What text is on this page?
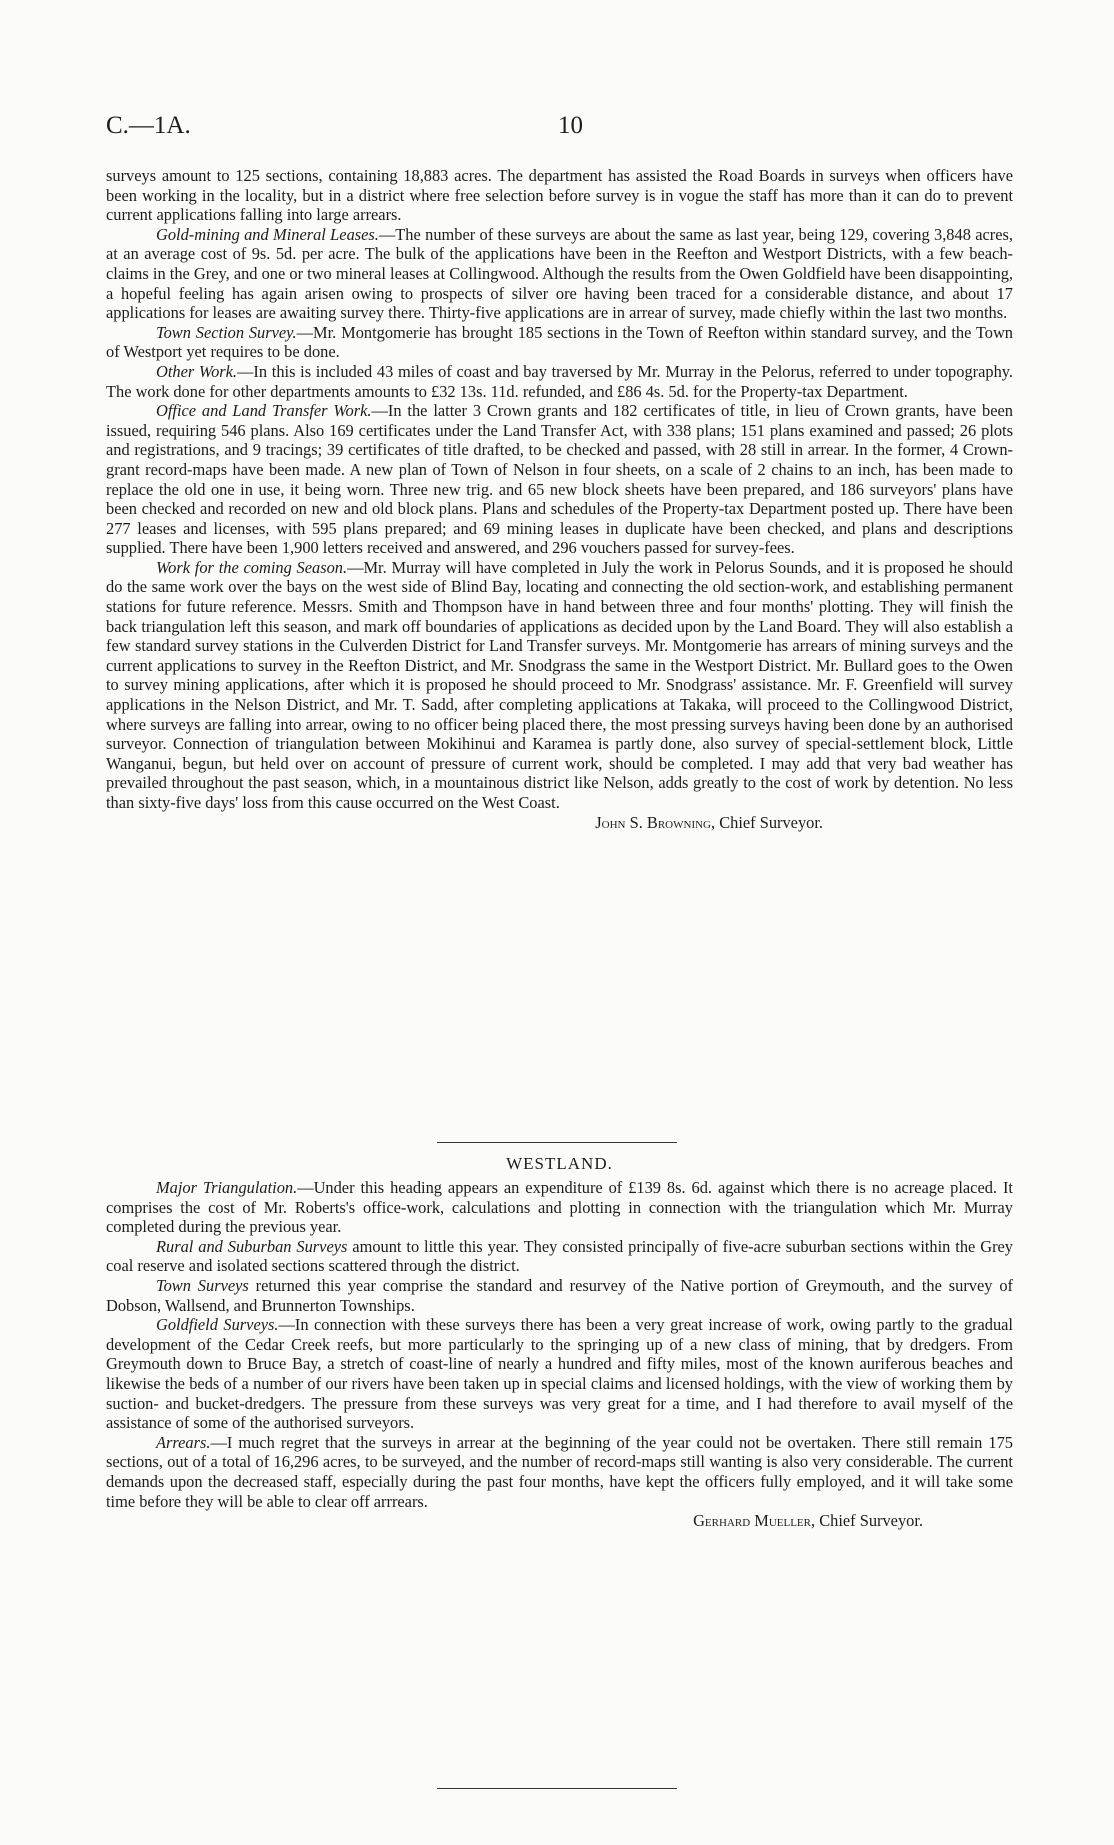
C.—1A.	10

surveys amount to 125 sections, containing 18,883 acres. The department has assisted the Road Boards in surveys when officers have been working in the locality, but in a district where free selection before survey is in vogue the staff has more than it can do to prevent current applications falling into large arrears.

Gold-mining and Mineral Leases.—The number of these surveys are about the same as last year, being 129, covering 3,848 acres, at an average cost of 9s. 5d. per acre. The bulk of the applications have been in the Reefton and Westport Districts, with a few beach-claims in the Grey, and one or two mineral leases at Collingwood. Although the results from the Owen Goldfield have been disappointing, a hopeful feeling has again arisen owing to prospects of silver ore having been traced for a considerable distance, and about 17 applications for leases are awaiting survey there. Thirty-five applications are in arrear of survey, made chiefly within the last two months.

Town Section Survey.—Mr. Montgomerie has brought 185 sections in the Town of Reefton within standard survey, and the Town of Westport yet requires to be done.

Other Work.—In this is included 43 miles of coast and bay traversed by Mr. Murray in the Pelorus, referred to under topography. The work done for other departments amounts to £32 13s. 11d. refunded, and £86 4s. 5d. for the Property-tax Department.

Office and Land Transfer Work.—In the latter 3 Crown grants and 182 certificates of title, in lieu of Crown grants, have been issued, requiring 546 plans. Also 169 certificates under the Land Transfer Act, with 338 plans; 151 plans examined and passed; 26 plots and registrations, and 9 tracings; 39 certificates of title drafted, to be checked and passed, with 28 still in arrear. In the former, 4 Crown-grant record-maps have been made. A new plan of Town of Nelson in four sheets, on a scale of 2 chains to an inch, has been made to replace the old one in use, it being worn. Three new trig. and 65 new block sheets have been prepared, and 186 surveyors' plans have been checked and recorded on new and old block plans. Plans and schedules of the Property-tax Department posted up. There have been 277 leases and licenses, with 595 plans prepared; and 69 mining leases in duplicate have been checked, and plans and descriptions supplied. There have been 1,900 letters received and answered, and 296 vouchers passed for survey-fees.

Work for the coming Season.—Mr. Murray will have completed in July the work in Pelorus Sounds, and it is proposed he should do the same work over the bays on the west side of Blind Bay, locating and connecting the old section-work, and establishing permanent stations for future reference. Messrs. Smith and Thompson have in hand between three and four months' plotting. They will finish the back triangulation left this season, and mark off boundaries of applications as decided upon by the Land Board. They will also establish a few standard survey stations in the Culverden District for Land Transfer surveys. Mr. Montgomerie has arrears of mining surveys and the current applications to survey in the Reefton District, and Mr. Snodgrass the same in the Westport District. Mr. Bullard goes to the Owen to survey mining applications, after which it is proposed he should proceed to Mr. Snodgrass' assistance. Mr. F. Greenfield will survey applications in the Nelson District, and Mr. T. Sadd, after completing applications at Takaka, will proceed to the Collingwood District, where surveys are falling into arrear, owing to no officer being placed there, the most pressing surveys having been done by an authorised surveyor. Connection of triangulation between Mokihinui and Karamea is partly done, also survey of special-settlement block, Little Wanganui, begun, but held over on account of pressure of current work, should be completed. I may add that very bad weather has prevailed throughout the past season, which, in a mountainous district like Nelson, adds greatly to the cost of work by detention. No less than sixty-five days' loss from this cause occurred on the West Coast.

John S. Browning, Chief Surveyor.
WESTLAND.

Major Triangulation.—Under this heading appears an expenditure of £139 8s. 6d. against which there is no acreage placed. It comprises the cost of Mr. Roberts's office-work, calculations and plotting in connection with the triangulation which Mr. Murray completed during the previous year.

Rural and Suburban Surveys amount to little this year. They consisted principally of five-acre suburban sections within the Grey coal reserve and isolated sections scattered through the district.

Town Surveys returned this year comprise the standard and resurvey of the Native portion of Greymouth, and the survey of Dobson, Wallsend, and Brunnerton Townships.

Goldfield Surveys.—In connection with these surveys there has been a very great increase of work, owing partly to the gradual development of the Cedar Creek reefs, but more particularly to the springing up of a new class of mining, that by dredgers. From Greymouth down to Bruce Bay, a stretch of coast-line of nearly a hundred and fifty miles, most of the known auriferous beaches and likewise the beds of a number of our rivers have been taken up in special claims and licensed holdings, with the view of working them by suction- and bucket-dredgers. The pressure from these surveys was very great for a time, and I had therefore to avail myself of the assistance of some of the authorised surveyors.

Arrears.—I much regret that the surveys in arrear at the beginning of the year could not be overtaken. There still remain 175 sections, out of a total of 16,296 acres, to be surveyed, and the number of record-maps still wanting is also very considerable. The current demands upon the decreased staff, especially during the past four months, have kept the officers fully employed, and it will take some time before they will be able to clear off arrrears.

Gerhard Mueller, Chief Surveyor.
